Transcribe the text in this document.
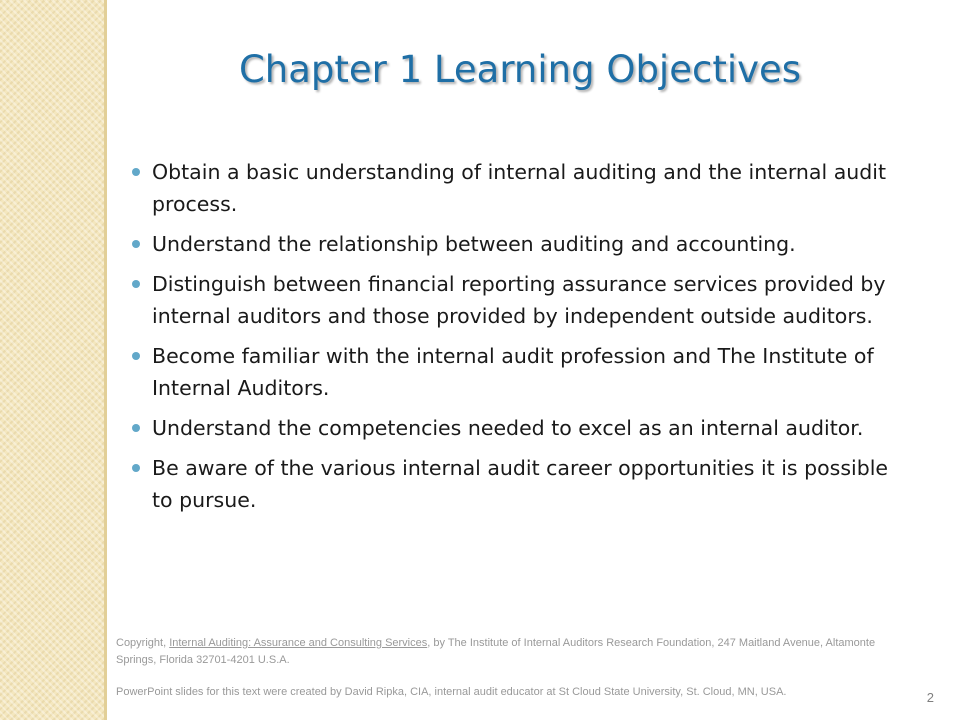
Chapter 1 Learning Objectives
Obtain a basic understanding of internal auditing and the internal audit process.
Understand the relationship between auditing and accounting.
Distinguish between financial reporting assurance services provided by internal auditors and those provided by independent outside auditors.
Become familiar with the internal audit profession and The Institute of Internal Auditors.
Understand the competencies needed to excel as an internal auditor.
Be aware of the various internal audit career opportunities it is possible to pursue.
Copyright, Internal Auditing: Assurance and Consulting Services, by The Institute of Internal Auditors Research Foundation, 247 Maitland Avenue, Altamonte Springs, Florida 32701-4201 U.S.A.
PowerPoint slides for this text were created by David Ripka, CIA, internal audit educator at St Cloud State University, St. Cloud, MN, USA.	2
